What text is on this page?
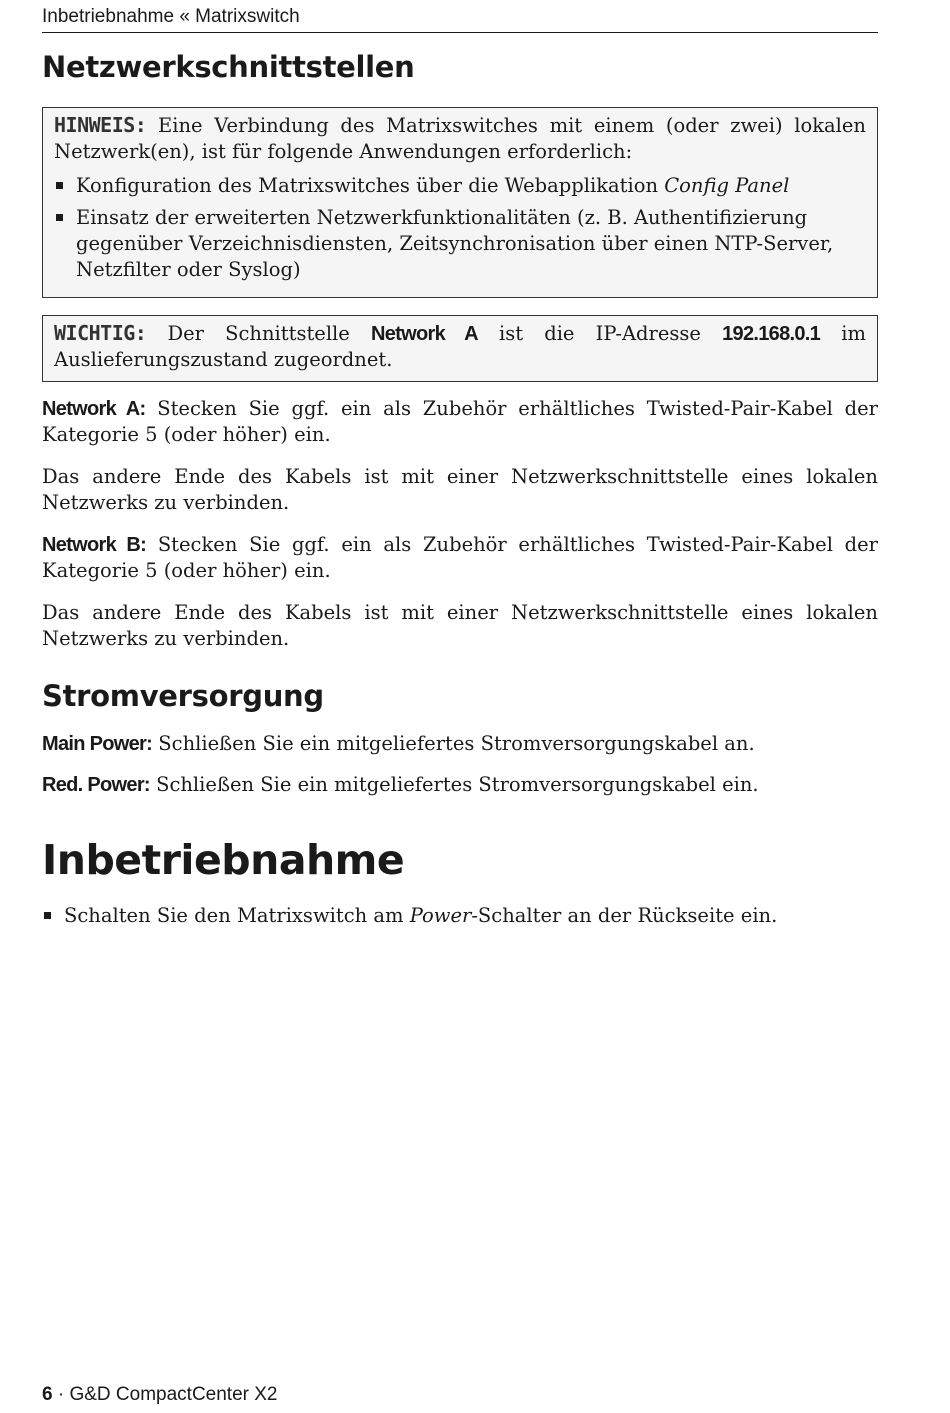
Inbetriebnahme « Matrixswitch
Netzwerkschnittstellen
HINWEIS: Eine Verbindung des Matrixswitches mit einem (oder zwei) lokalen Netzwerk(en), ist für folgende Anwendungen erforderlich:
Konfiguration des Matrixswitches über die Webapplikation Config Panel
Einsatz der erweiterten Netzwerkfunktionalitäten (z. B. Authentifizierung gegenüber Verzeichnisdiensten, Zeitsynchronisation über einen NTP-Server, Netzfilter oder Syslog)
WICHTIG: Der Schnittstelle Network A ist die IP-Adresse 192.168.0.1 im Auslieferungszustand zugeordnet.

Network A: Stecken Sie ggf. ein als Zubehör erhältliches Twisted-Pair-Kabel der Kategorie 5 (oder höher) ein.

Das andere Ende des Kabels ist mit einer Netzwerkschnittstelle eines lokalen Netzwerks zu verbinden.

Network B: Stecken Sie ggf. ein als Zubehör erhältliches Twisted-Pair-Kabel der Kategorie 5 (oder höher) ein.

Das andere Ende des Kabels ist mit einer Netzwerkschnittstelle eines lokalen Netzwerks zu verbinden.

Stromversorgung

Main Power: Schließen Sie ein mitgeliefertes Stromversorgungskabel an.

Red. Power: Schließen Sie ein mitgeliefertes Stromversorgungskabel ein.

Inbetriebnahme
Schalten Sie den Matrixswitch am Power-Schalter an der Rückseite ein.
6 · G&D CompactCenter X2
